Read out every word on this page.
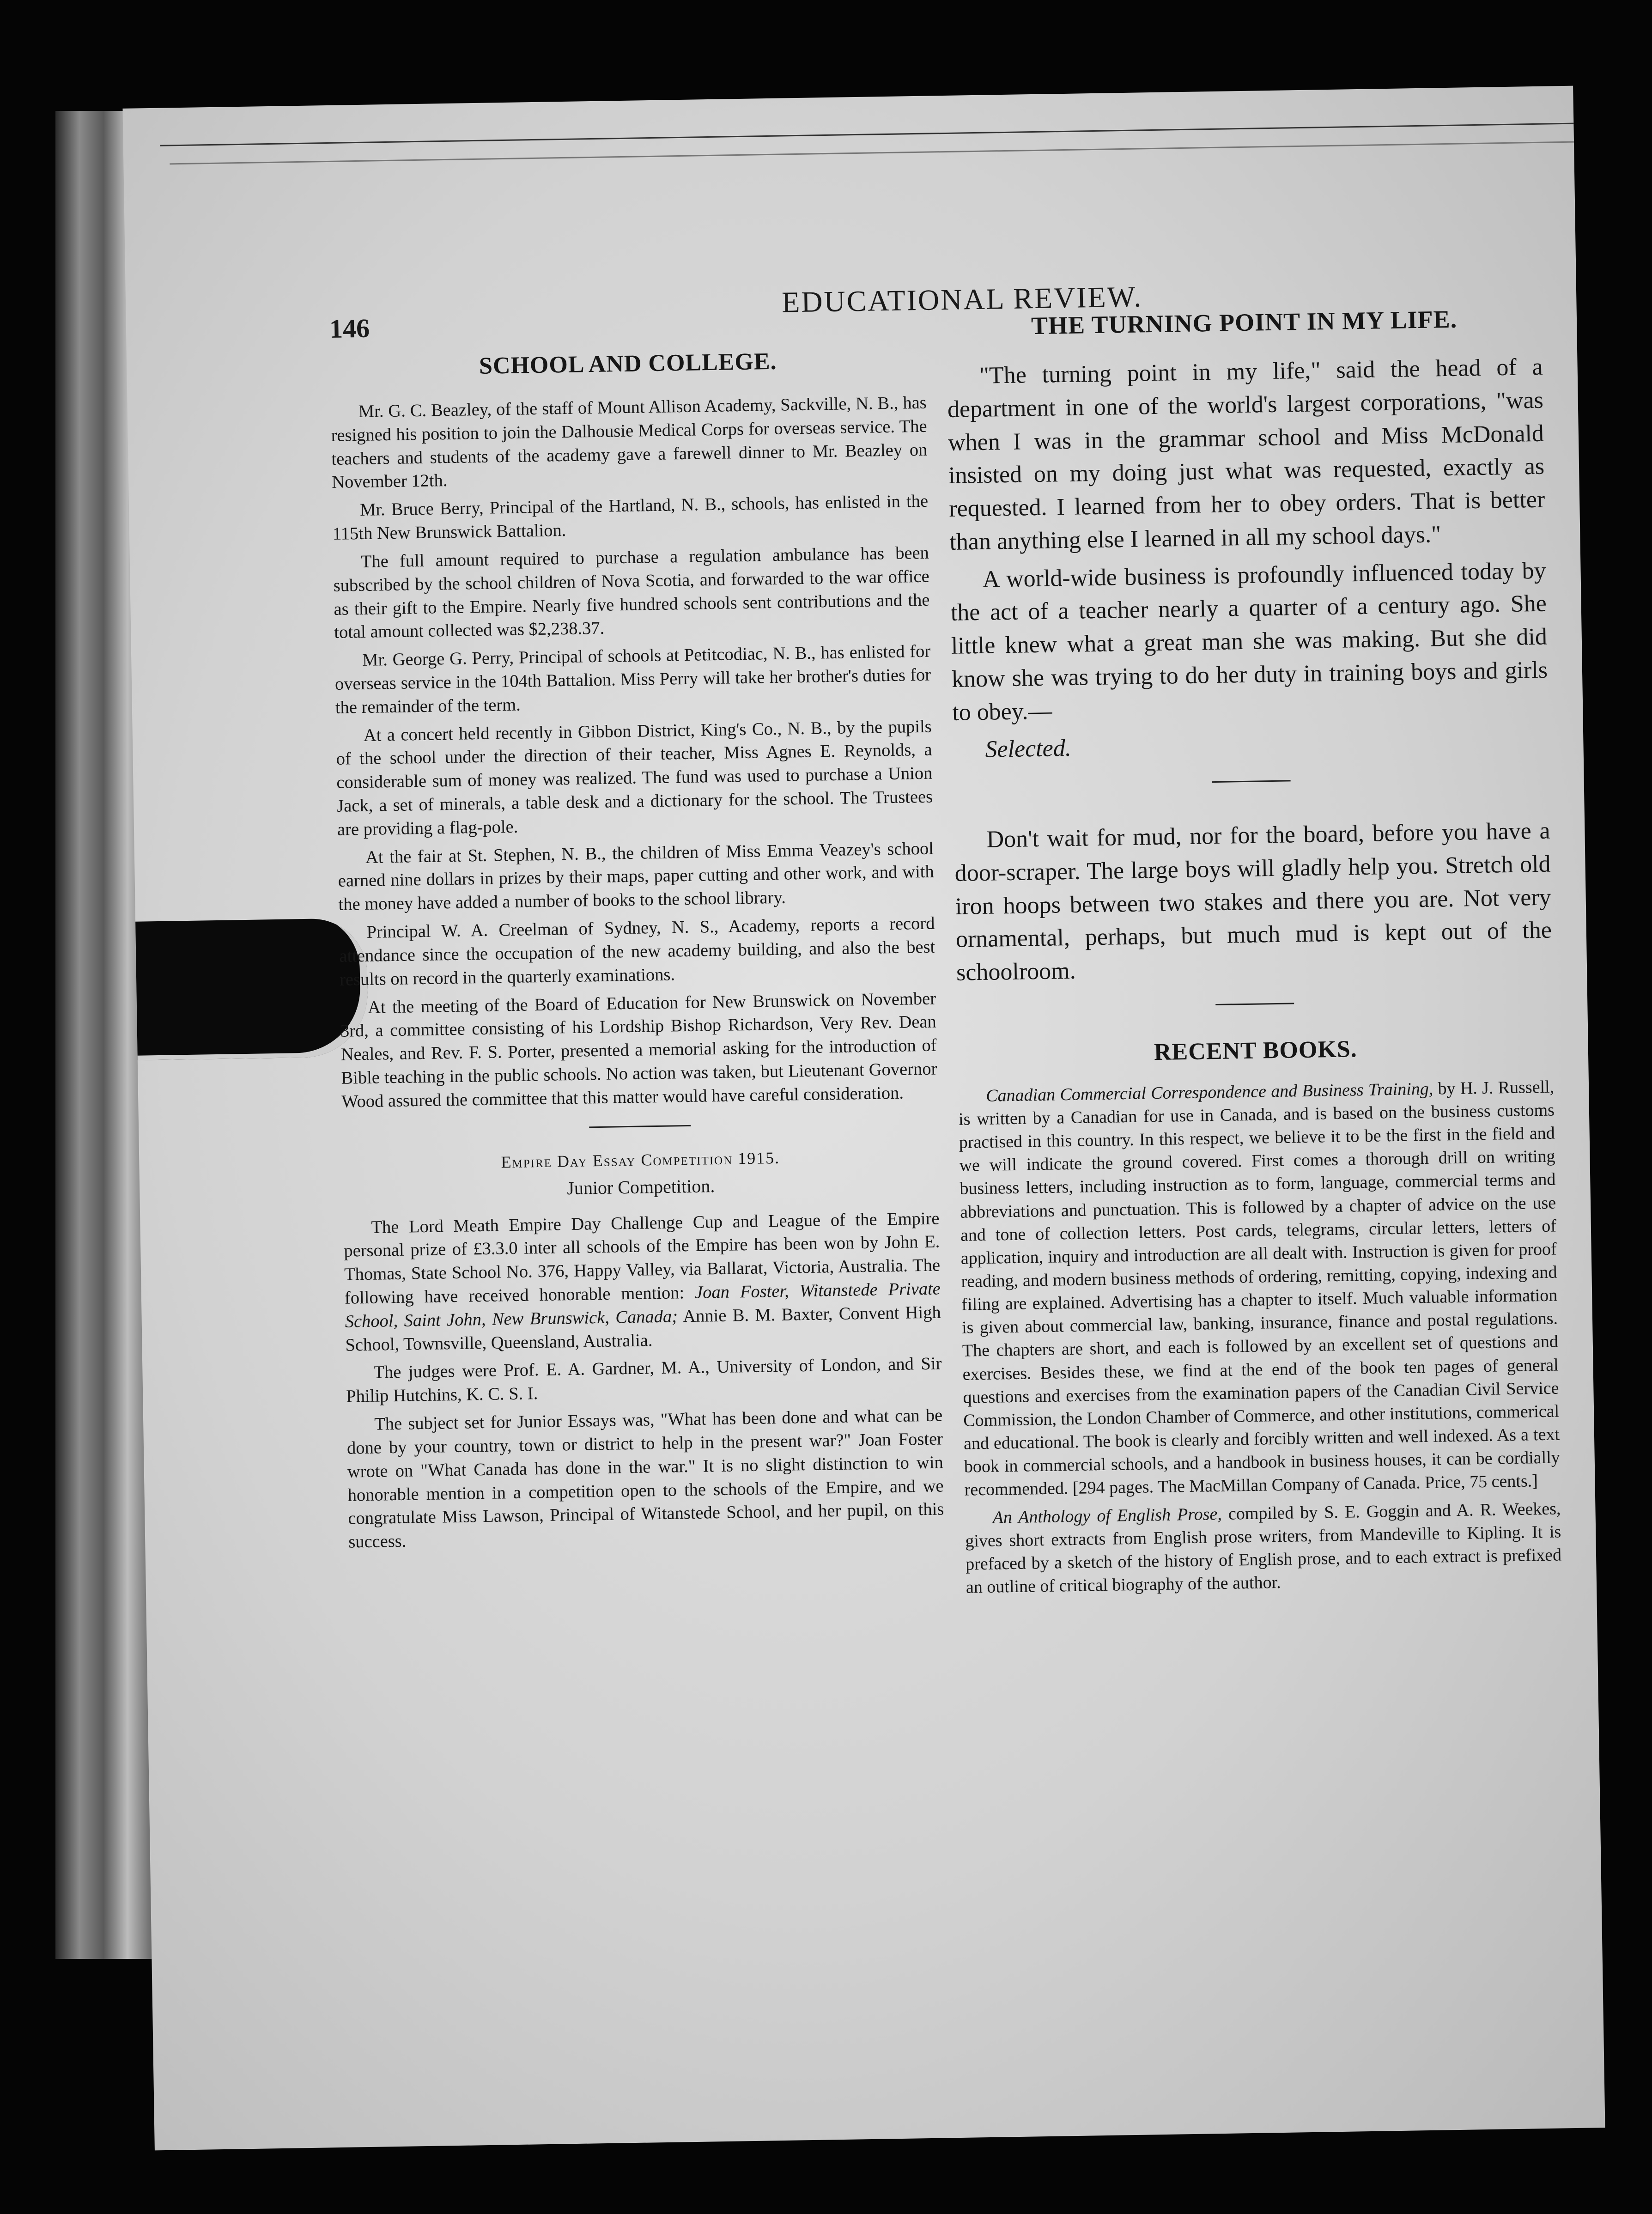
146
EDUCATIONAL REVIEW.
SCHOOL AND COLLEGE.

Mr. G. C. Beazley, of the staff of Mount Allison Academy, Sackville, N. B., has resigned his position to join the Dalhousie Medical Corps for overseas service. The teachers and students of the academy gave a farewell dinner to Mr. Beazley on November 12th.

Mr. Bruce Berry, Principal of the Hartland, N. B., schools, has enlisted in the 115th New Brunswick Battalion.

The full amount required to purchase a regulation ambulance has been subscribed by the school children of Nova Scotia, and forwarded to the war office as their gift to the Empire. Nearly five hundred schools sent contributions and the total amount collected was $2,238.37.

Mr. George G. Perry, Principal of schools at Petitcodiac, N. B., has enlisted for overseas service in the 104th Battalion. Miss Perry will take her brother's duties for the remainder of the term.

At a concert held recently in Gibbon District, King's Co., N. B., by the pupils of the school under the direction of their teacher, Miss Agnes E. Reynolds, a considerable sum of money was realized. The fund was used to purchase a Union Jack, a set of minerals, a table desk and a dictionary for the school. The Trustees are providing a flag-pole.

At the fair at St. Stephen, N. B., the children of Miss Emma Veazey's school earned nine dollars in prizes by their maps, paper cutting and other work, and with the money have added a number of books to the school library.

Principal W. A. Creelman of Sydney, N. S., Academy, reports a record attendance since the occupation of the new academy building, and also the best results on record in the quarterly examinations.

At the meeting of the Board of Education for New Brunswick on November 3rd, a committee consisting of his Lordship Bishop Richardson, Very Rev. Dean Neales, and Rev. F. S. Porter, presented a memorial asking for the introduction of Bible teaching in the public schools. No action was taken, but Lieutenant Governor Wood assured the committee that this matter would have careful consideration.

Empire Day Essay Competition 1915.
Junior Competition.

The Lord Meath Empire Day Challenge Cup and League of the Empire personal prize of £3.3.0 inter all schools of the Empire has been won by John E. Thomas, State School No. 376, Happy Valley, via Ballarat, Victoria, Australia. The following have received honorable mention: Joan Foster, Witanstede Private School, Saint John, New Brunswick, Canada; Annie B. M. Baxter, Convent High School, Townsville, Queensland, Australia.

The judges were Prof. E. A. Gardner, M. A., University of London, and Sir Philip Hutchins, K. C. S. I.

The subject set for Junior Essays was, "What has been done and what can be done by your country, town or district to help in the present war?" Joan Foster wrote on "What Canada has done in the war." It is no slight distinction to win honorable mention in a competition open to the schools of the Empire, and we congratulate Miss Lawson, Principal of Witanstede School, and her pupil, on this success.

THE TURNING POINT IN MY LIFE.

"The turning point in my life," said the head of a department in one of the world's largest corporations, "was when I was in the grammar school and Miss McDonald insisted on my doing just what was requested, exactly as requested. I learned from her to obey orders. That is better than anything else I learned in all my school days."

A world-wide business is profoundly influenced today by the act of a teacher nearly a quarter of a century ago. She little knew what a great man she was making. But she did know she was trying to do her duty in training boys and girls to obey.—

Selected.

Don't wait for mud, nor for the board, before you have a door-scraper. The large boys will gladly help you. Stretch old iron hoops between two stakes and there you are. Not very ornamental, perhaps, but much mud is kept out of the schoolroom.

RECENT BOOKS.

Canadian Commercial Correspondence and Business Training, by H. J. Russell, is written by a Canadian for use in Canada, and is based on the business customs practised in this country. In this respect, we believe it to be the first in the field and we will indicate the ground covered. First comes a thorough drill on writing business letters, including instruction as to form, language, commercial terms and abbreviations and punctuation. This is followed by a chapter of advice on the use and tone of collection letters. Post cards, telegrams, circular letters, letters of application, inquiry and introduction are all dealt with. Instruction is given for proof reading, and modern business methods of ordering, remitting, copying, indexing and filing are explained. Advertising has a chapter to itself. Much valuable information is given about commercial law, banking, insurance, finance and postal regulations. The chapters are short, and each is followed by an excellent set of questions and exercises. Besides these, we find at the end of the book ten pages of general questions and exercises from the examination papers of the Canadian Civil Service Commission, the London Chamber of Commerce, and other institutions, commerical and educational. The book is clearly and forcibly written and well indexed. As a text book in commercial schools, and a handbook in business houses, it can be cordially recommended. [294 pages. The MacMillan Company of Canada. Price, 75 cents.]

An Anthology of English Prose, compiled by S. E. Goggin and A. R. Weekes, gives short extracts from English prose writers, from Mandeville to Kipling. It is prefaced by a sketch of the history of English prose, and to each extract is prefixed an outline of critical biography of the author.
